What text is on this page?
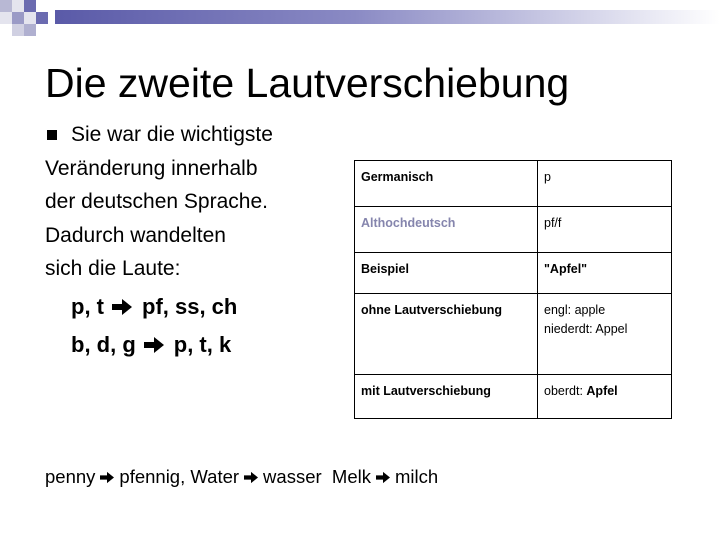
Die zweite Lautverschiebung
Sie war die wichtigste
Veränderung innerhalb
der deutschen Sprache.
Dadurch wandelten
sich die Laute:
p, t pf, ss, ch
b, d, g p, t, k
Germanisch	p
Althochdeutsch	pf/f
Beispiel	"Apfel"
ohne Lautverschiebung	engl: apple
niederdt: Appel

mit Lautverschiebung	oberdt: Apfel
penny pfennig, Water wasser  Melk milch
